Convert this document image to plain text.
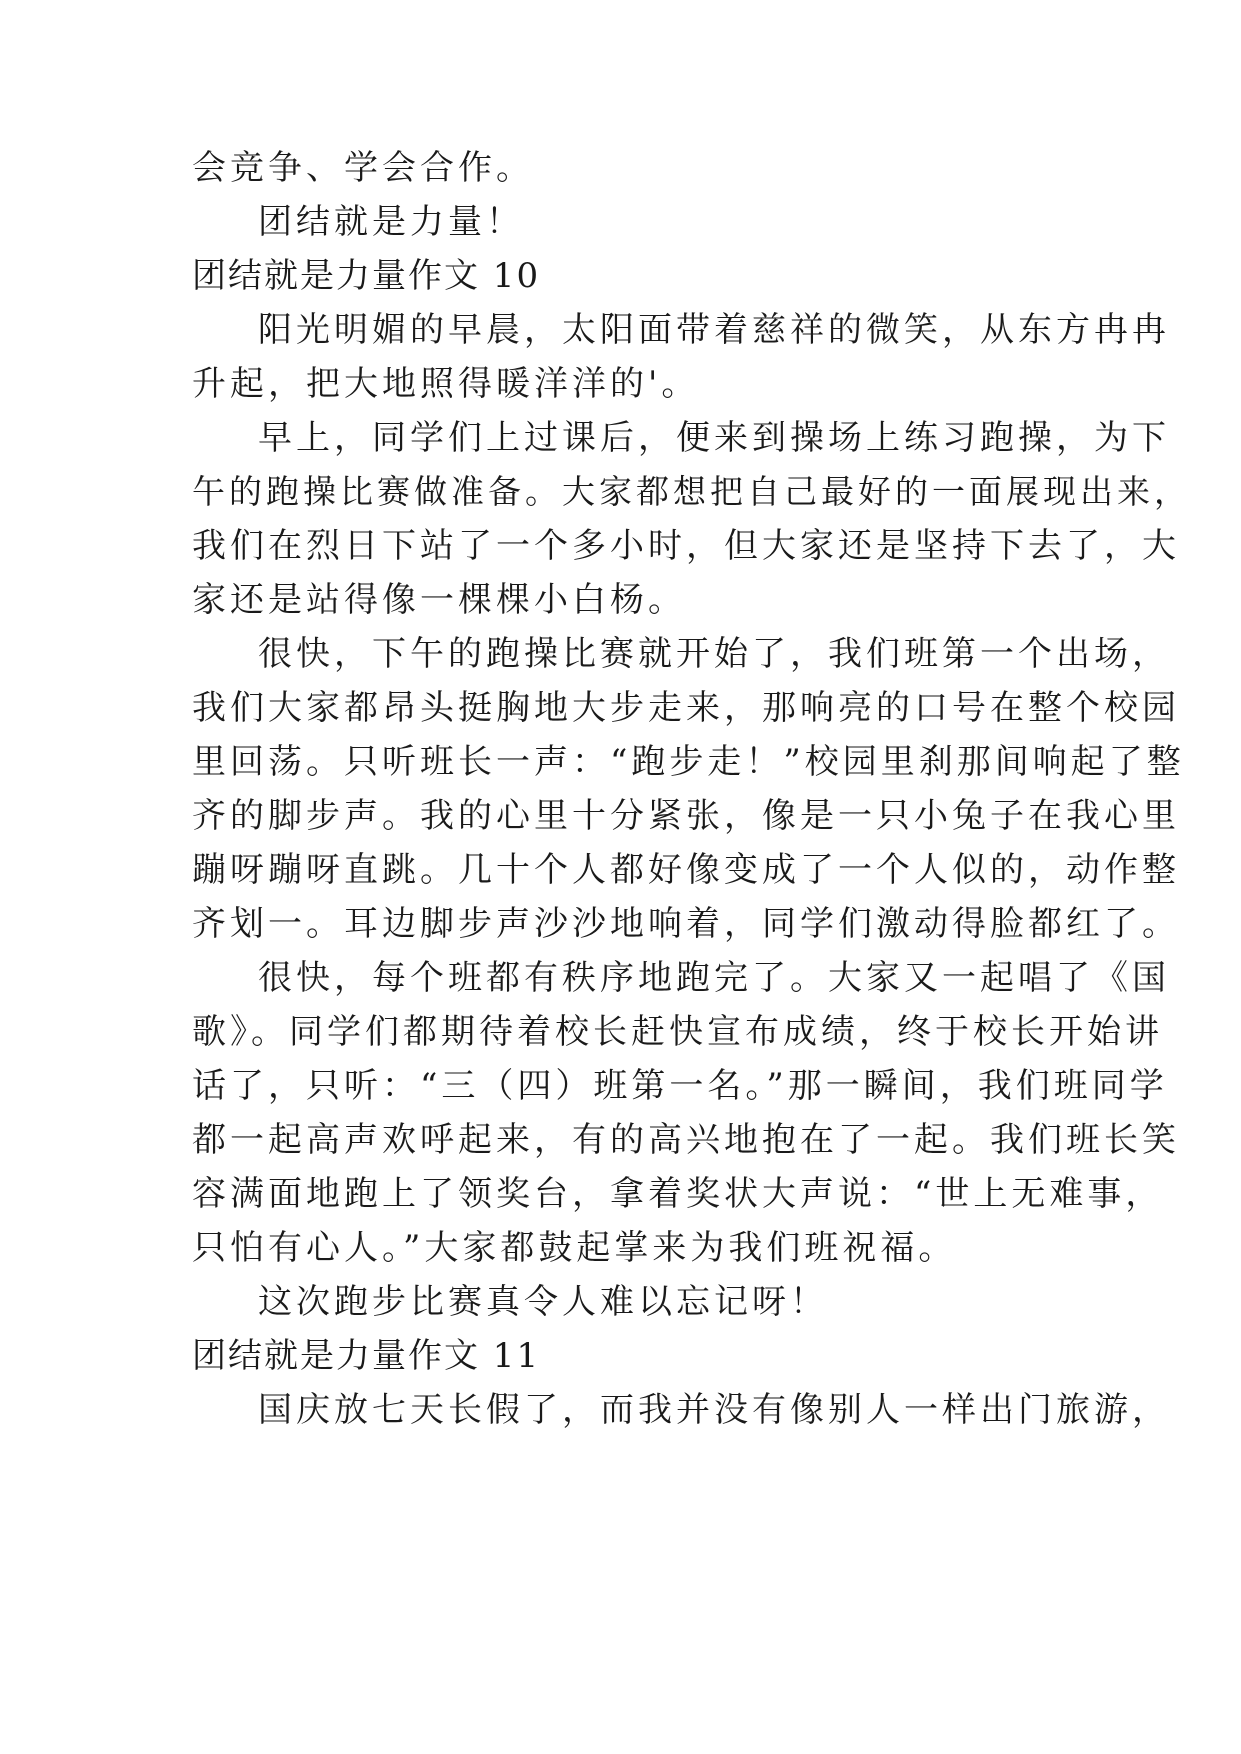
会竞争、学会合作。
团结就是力量！
团结就是力量作文 10
阳光明媚的早晨，太阳面带着慈祥的微笑，从东方冉冉
升起，把大地照得暖洋洋的'。
早上，同学们上过课后，便来到操场上练习跑操，为下
午的跑操比赛做准备。大家都想把自己最好的一面展现出来，
我们在烈日下站了一个多小时，但大家还是坚持下去了，大
家还是站得像一棵棵小白杨。
很快，下午的跑操比赛就开始了，我们班第一个出场，
我们大家都昂头挺胸地大步走来，那响亮的口号在整个校园
里回荡。只听班长一声：“跑步走！”校园里刹那间响起了整
齐的脚步声。我的心里十分紧张，像是一只小兔子在我心里
蹦呀蹦呀直跳。几十个人都好像变成了一个人似的，动作整
齐划一。耳边脚步声沙沙地响着，同学们激动得脸都红了。
很快，每个班都有秩序地跑完了。大家又一起唱了《国
歌》。同学们都期待着校长赶快宣布成绩，终于校长开始讲
话了，只听：“三（四）班第一名。”那一瞬间，我们班同学
都一起高声欢呼起来，有的高兴地抱在了一起。我们班长笑
容满面地跑上了领奖台，拿着奖状大声说：“世上无难事，
只怕有心人。”大家都鼓起掌来为我们班祝福。
这次跑步比赛真令人难以忘记呀！
团结就是力量作文 11
国庆放七天长假了，而我并没有像别人一样出门旅游，
